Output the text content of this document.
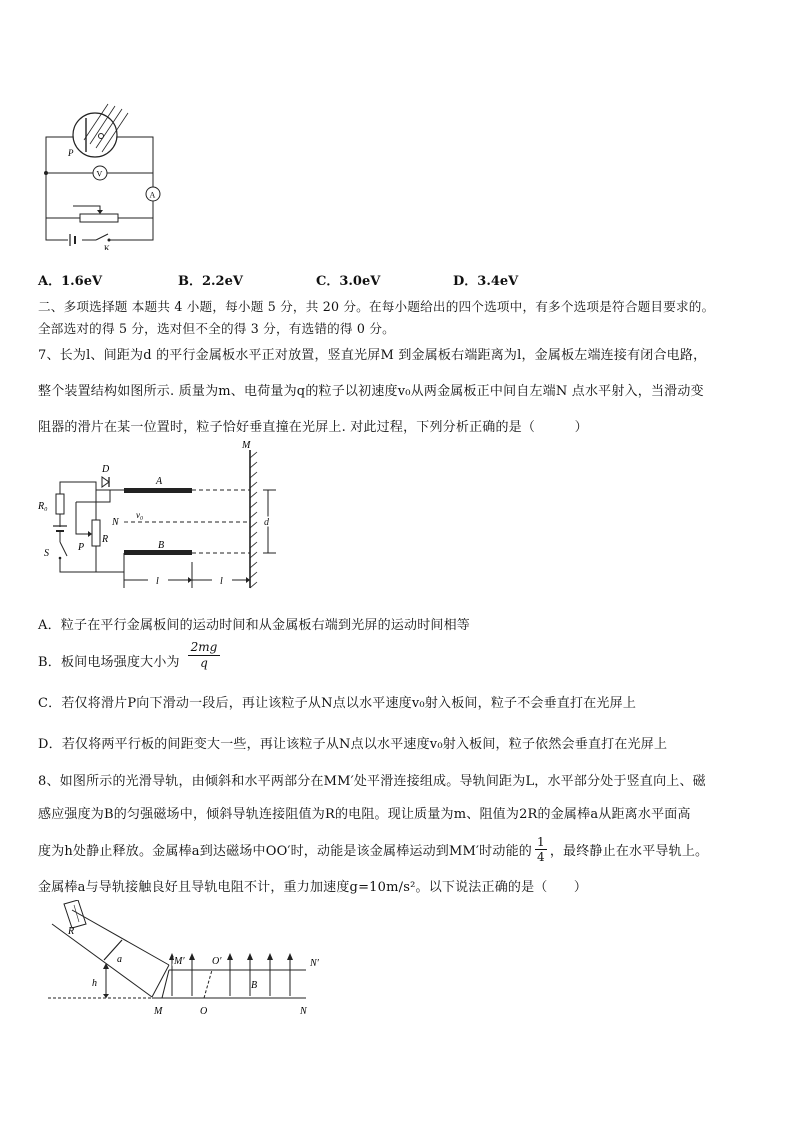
P
V
A
K
A．1.6eV	B．2.2eV	C．3.0eV	D．3.4eV
二、多项选择题 本题共 4 小题，每小题 5 分，共 20 分。在每小题给出的四个选项中，有多个选项是符合题目要求的。
全部选对的得 5 分，选对但不全的得 3 分，有选错的得 0 分。
7、长为l、间距为d 的平行金属板水平正对放置，竖直光屏M 到金属板右端距离为l，金属板左端连接有闭合电路，
整个装置结构如图所示. 质量为m、电荷量为q的粒子以初速度v₀从两金属板正中间自左端N 点水平射入，当滑动变
阻器的滑片在某一位置时，粒子恰好垂直撞在光屏上. 对此过程，下列分析正确的是（　　　）
M
A
B
N
v₀
d
D
R₀
S
P
R
l	l
A．粒子在平行金属板间的运动时间和从金属板右端到光屏的运动时间相等
B．板间电场强度大小为 $\frac{2mg}{q}$
C．若仅将滑片P向下滑动一段后，再让该粒子从N点以水平速度v₀射入板间，粒子不会垂直打在光屏上
D．若仅将两平行板的间距变大一些，再让该粒子从N点以水平速度v₀射入板间，粒子依然会垂直打在光屏上
8、如图所示的光滑导轨，由倾斜和水平两部分在MM′处平滑连接组成。导轨间距为L，水平部分处于竖直向上、磁
感应强度为B的匀强磁场中，倾斜导轨连接阻值为R的电阻。现让质量为m、阻值为2R的金属棒a从距离水平面高
度为h处静止释放。金属棒a到达磁场中OO′时，动能是该金属棒运动到MM′时动能的 $\frac{1}{4}$ ，最终静止在水平导轨上。
金属棒a与导轨接触良好且导轨电阻不计，重力加速度g=10m/s²。以下说法正确的是（　　）
R
a
h
M′	O′	N′
B
M	O	N
